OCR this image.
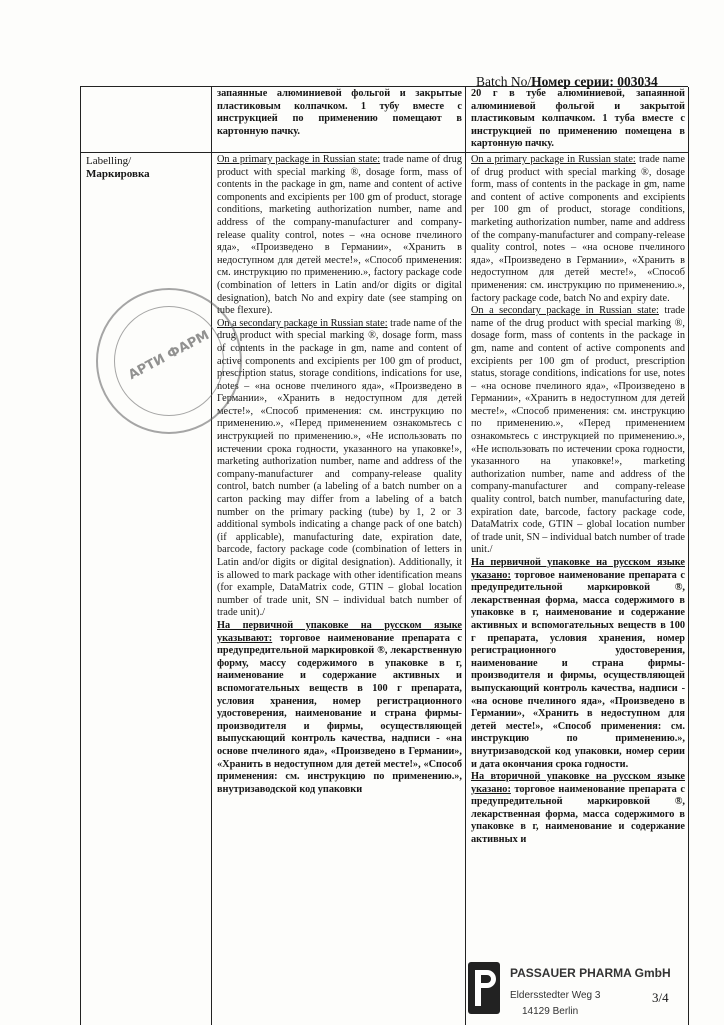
Batch No/Номер серии: 003034
запаянные алюминиевой фольгой и закрытые пластиковым колпачком. 1 тубу вместе с инструкцией по применению помещают в картонную пачку.
20 г в тубе алюминиевой, запаянной алюминиевой фольгой и закрытой пластиковым колпачком. 1 туба вместе с инструкцией по применению помещена в картонную пачку.
Labelling/
Маркировка

On a primary package in Russian state: trade name of drug product with special marking ®, dosage form, mass of contents in the package in gm, name and content of active components and excipients per 100 gm of product, storage conditions, marketing authorization number, name and address of the company-manufacturer and company-release quality control, notes – «на основе пчелиного яда», «Произведено в Германии», «Хранить в недоступном для детей месте!», «Способ применения: см. инструкцию по применению.», factory package code (combination of letters in Latin and/or digits or digital designation), batch No and expiry date (see stamping on tube flexure).

On a secondary package in Russian state: trade name of the drug product with special marking ®, dosage form, mass of contents in the package in gm, name and content of active components and excipients per 100 gm of product, prescription status, storage conditions, indications for use, notes – «на основе пчелиного яда», «Произведено в Германии», «Хранить в недоступном для детей месте!», «Способ применения: см. инструкцию по применению.», «Перед применением ознакомьтесь с инструкцией по применению.», «Не использовать по истечении срока годности, указанного на упаковке!», marketing authorization number, name and address of the company-manufacturer and company-release quality control, batch number (a labeling of a batch number on a carton packing may differ from a labeling of a batch number on the primary packing (tube) by 1, 2 or 3 additional symbols indicating a change pack of one batch) (if applicable), manufacturing date, expiration date, barcode, factory package code (combination of letters in Latin and/or digits or digital designation). Additionally, it is allowed to mark package with other identification means (for example, DataMatrix code, GTIN – global location number of trade unit, SN – individual batch number of trade unit)./

На первичной упаковке на русском языке указывают: торговое наименование препарата с предупредительной маркировкой ®, лекарственную форму, массу содержимого в упаковке в г, наименование и содержание активных и вспомогательных веществ в 100 г препарата, условия хранения, номер регистрационного удостоверения, наименование и страна фирмы-производителя и фирмы, осуществляющей выпускающий контроль качества, надписи - «на основе пчелиного яда», «Произведено в Германии», «Хранить в недоступном для детей месте!», «Способ применения: см. инструкцию по применению.», внутризаводской код упаковки

On a primary package in Russian state: trade name of drug product with special marking ®, dosage form, mass of contents in the package in gm, name and content of active components and excipients per 100 gm of product, storage conditions, marketing authorization number, name and address of the company-manufacturer and company-release quality control, notes – «на основе пчелиного яда», «Произведено в Германии», «Хранить в недоступном для детей месте!», «Способ применения: см. инструкцию по применению.», factory package code, batch No and expiry date.

On a secondary package in Russian state: trade name of the drug product with special marking ®, dosage form, mass of contents in the package in gm, name and content of active components and excipients per 100 gm of product, prescription status, storage conditions, indications for use, notes – «на основе пчелиного яда», «Произведено в Германии», «Хранить в недоступном для детей месте!», «Способ применения: см. инструкцию по применению.», «Перед применением ознакомьтесь с инструкцией по применению.», «Не использовать по истечении срока годности, указанного на упаковке!», marketing authorization number, name and address of the company-manufacturer and company-release quality control, batch number, manufacturing date, expiration date, barcode, factory package code, DataMatrix code, GTIN – global location number of trade unit, SN – individual batch number of trade unit./

На первичной упаковке на русском языке указано: торговое наименование препарата с предупредительной маркировкой ®, лекарственная форма, масса содержимого в упаковке в г, наименование и содержание активных и вспомогательных веществ в 100 г препарата, условия хранения, номер регистрационного удостоверения, наименование и страна фирмы-производителя и фирмы, осуществляющей выпускающий контроль качества, надписи - «на основе пчелиного яда», «Произведено в Германии», «Хранить в недоступном для детей месте!», «Способ применения: см. инструкцию по применению.», внутризаводской код упаковки, номер серии и дата окончания срока годности.

На вторичной упаковке на русском языке указано: торговое наименование препарата с предупредительной маркировкой ®, лекарственная форма, масса содержимого в упаковке в г, наименование и содержание активных и

АРТИ ФАРМ
PASSAUER PHARMA GmbH
Eldersstedter Weg 3
14129 Berlin
3/4
